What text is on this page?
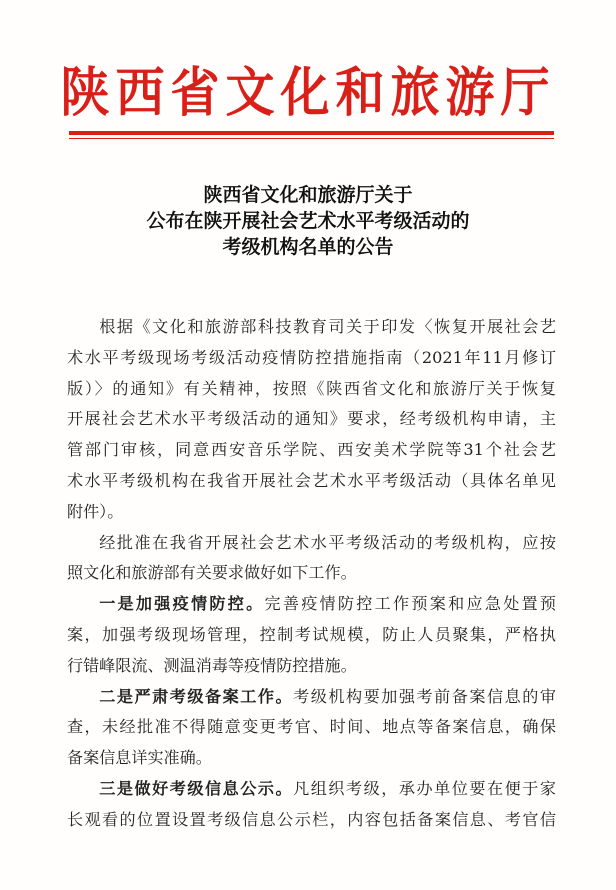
陕西省文化和旅游厅
陕西省文化和旅游厅关于
公布在陕开展社会艺术水平考级活动的
考级机构名单的公告

根据《文化和旅游部科技教育司关于印发〈恢复开展社会艺
术水平考级现场考级活动疫情防控措施指南（2021年11月修订
版）〉的通知》有关精神，按照《陕西省文化和旅游厅关于恢复
开展社会艺术水平考级活动的通知》要求，经考级机构申请，主
管部门审核，同意西安音乐学院、西安美术学院等31个社会艺
术水平考级机构在我省开展社会艺术水平考级活动（具体名单见
附件）。

经批准在我省开展社会艺术水平考级活动的考级机构，应按
照文化和旅游部有关要求做好如下工作。

一是加强疫情防控。完善疫情防控工作预案和应急处置预
案，加强考级现场管理，控制考试规模，防止人员聚集，严格执
行错峰限流、测温消毒等疫情防控措施。

二是严肃考级备案工作。考级机构要加强考前备案信息的审
查，未经批准不得随意变更考官、时间、地点等备案信息，确保
备案信息详实准确。

三是做好考级信息公示。凡组织考级，承办单位要在便于家
长观看的位置设置考级信息公示栏，内容包括备案信息、考官信
